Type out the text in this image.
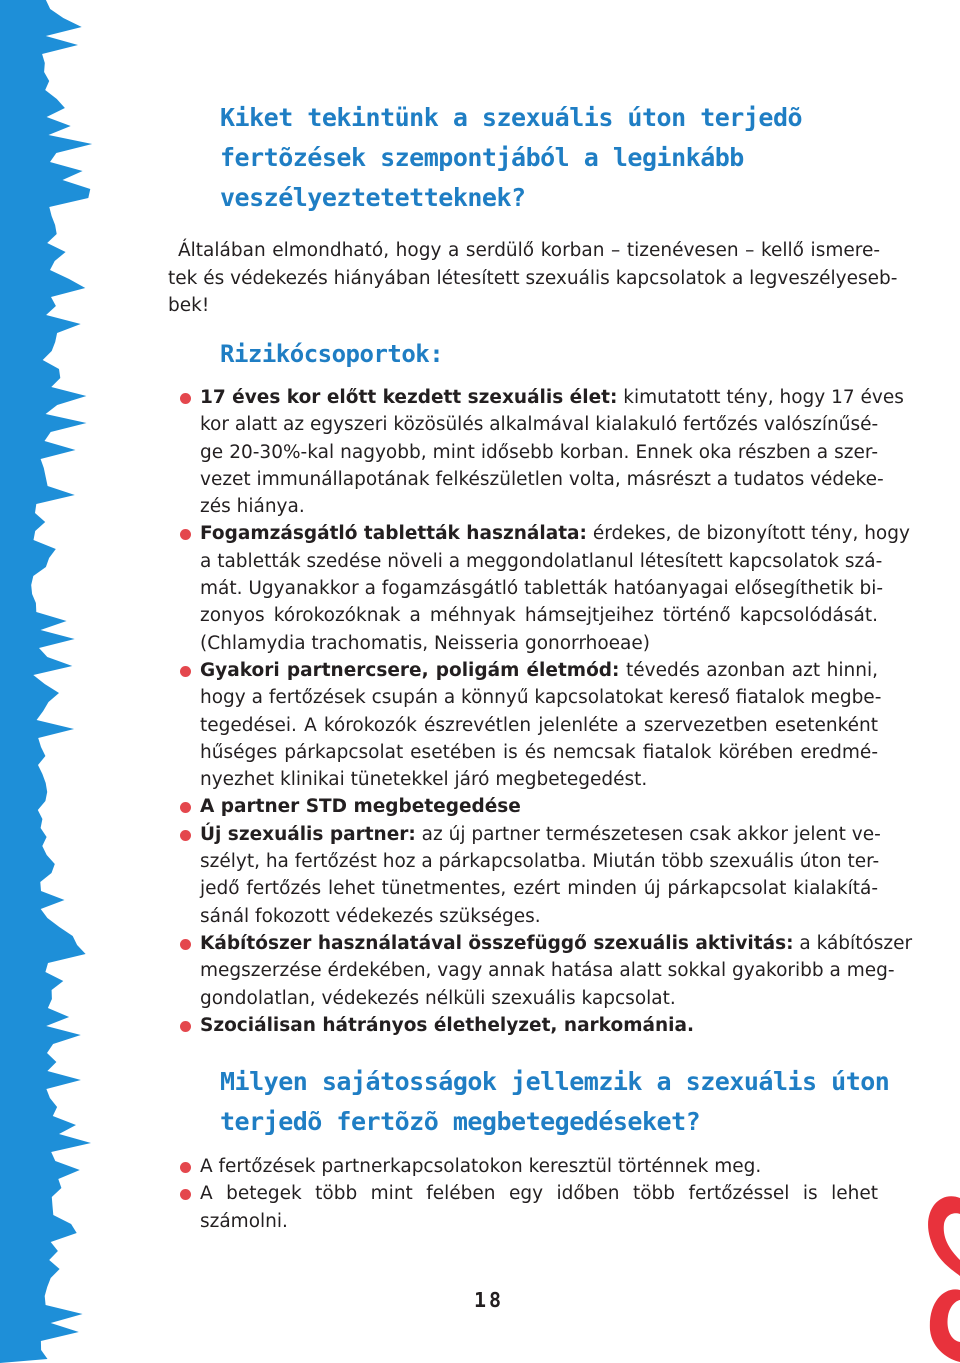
Kiket tekintünk a szexuális úton terjedõ
fertõzések szempontjából a leginkább
veszélyeztetetteknek?

Általában elmondható, hogy a serdülő korban – tizenévesen – kellő ismere-
tek és védekezés hiányában létesített szexuális kapcsolatok a legveszélyeseb-
bek!

Rizikócsoportok:
17 éves kor előtt kezdett szexuális élet: kimutatott tény, hogy 17 éves
kor alatt az egyszeri közösülés alkalmával kialakuló fertőzés valószínűsé-
ge 20-30%-kal nagyobb, mint idősebb korban. Ennek oka részben a szer-
vezet immunállapotának felkészületlen volta, másrészt a tudatos védeke-
zés hiánya.
Fogamzásgátló tabletták használata: érdekes, de bizonyított tény, hogy
a tabletták szedése növeli a meggondolatlanul létesített kapcsolatok szá-
mát. Ugyanakkor a fogamzásgátló tabletták hatóanyagai elősegíthetik bi-
zonyos kórokozóknak a méhnyak hámsejtjeihez történő kapcsolódását.
(Chlamydia trachomatis, Neisseria gonorrhoeae)
Gyakori partnercsere, poligám életmód: tévedés azonban azt hinni,
hogy a fertőzések csupán a könnyű kapcsolatokat kereső fiatalok megbe-
tegedései. A kórokozók észrevétlen jelenléte a szervezetben esetenként
hűséges párkapcsolat esetében is és nemcsak fiatalok körében eredmé-
nyezhet klinikai tünetekkel járó megbetegedést.
A partner STD megbetegedése
Új szexuális partner: az új partner természetesen csak akkor jelent ve-
szélyt, ha fertőzést hoz a párkapcsolatba. Miután több szexuális úton ter-
jedő fertőzés lehet tünetmentes, ezért minden új párkapcsolat kialakítá-
sánál fokozott védekezés szükséges.
Kábítószer használatával összefüggő szexuális aktivitás: a kábítószer
megszerzése érdekében, vagy annak hatása alatt sokkal gyakoribb a meg-
gondolatlan, védekezés nélküli szexuális kapcsolat.
Szociálisan hátrányos élethelyzet, narkománia.
Milyen sajátosságok jellemzik a szexuális úton
terjedõ fertõzõ megbetegedéseket?
A fertőzések partnerkapcsolatokon keresztül történnek meg.
A betegek több mint felében egy időben több fertőzéssel is lehet
számolni.
18
